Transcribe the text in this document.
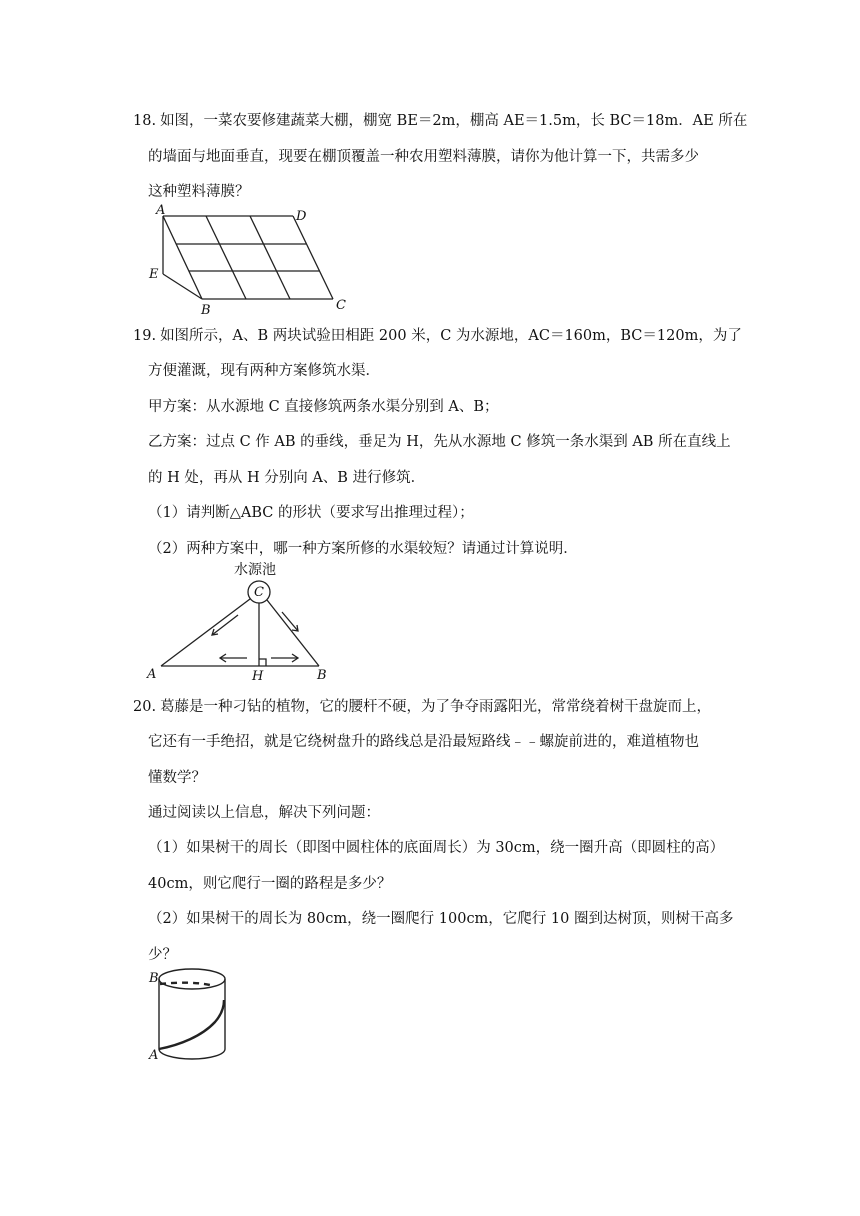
18. 如图，一菜农要修建蔬菜大棚，棚宽 BE＝2m，棚高 AE＝1.5m，长 BC＝18m．AE 所在
的墙面与地面垂直，现要在棚顶覆盖一种农用塑料薄膜，请你为他计算一下，共需多少
这种塑料薄膜？
A	D
E
B	C
19. 如图所示，A、B 两块试验田相距 200 米，C 为水源地，AC＝160m，BC＝120m，为了
方便灌溉，现有两种方案修筑水渠．
甲方案：从水源地 C 直接修筑两条水渠分别到 A、B；
乙方案：过点 C 作 AB 的垂线，垂足为 H，先从水源地 C 修筑一条水渠到 AB 所在直线上
的 H 处，再从 H 分别向 A、B 进行修筑．
（1）请判断△ABC 的形状（要求写出推理过程）；
（2）两种方案中，哪一种方案所修的水渠较短？请通过计算说明．
水源池
C
A	H	B
20. 葛藤是一种刁钻的植物，它的腰杆不硬，为了争夺雨露阳光，常常绕着树干盘旋而上，
它还有一手绝招，就是它绕树盘升的路线总是沿最短路线﹣﹣螺旋前进的，难道植物也
懂数学？
通过阅读以上信息，解决下列问题：
（1）如果树干的周长（即图中圆柱体的底面周长）为 30cm，绕一圈升高（即圆柱的高）
40cm，则它爬行一圈的路程是多少？
（2）如果树干的周长为 80cm，绕一圈爬行 100cm，它爬行 10 圈到达树顶，则树干高多
少？
B
A
